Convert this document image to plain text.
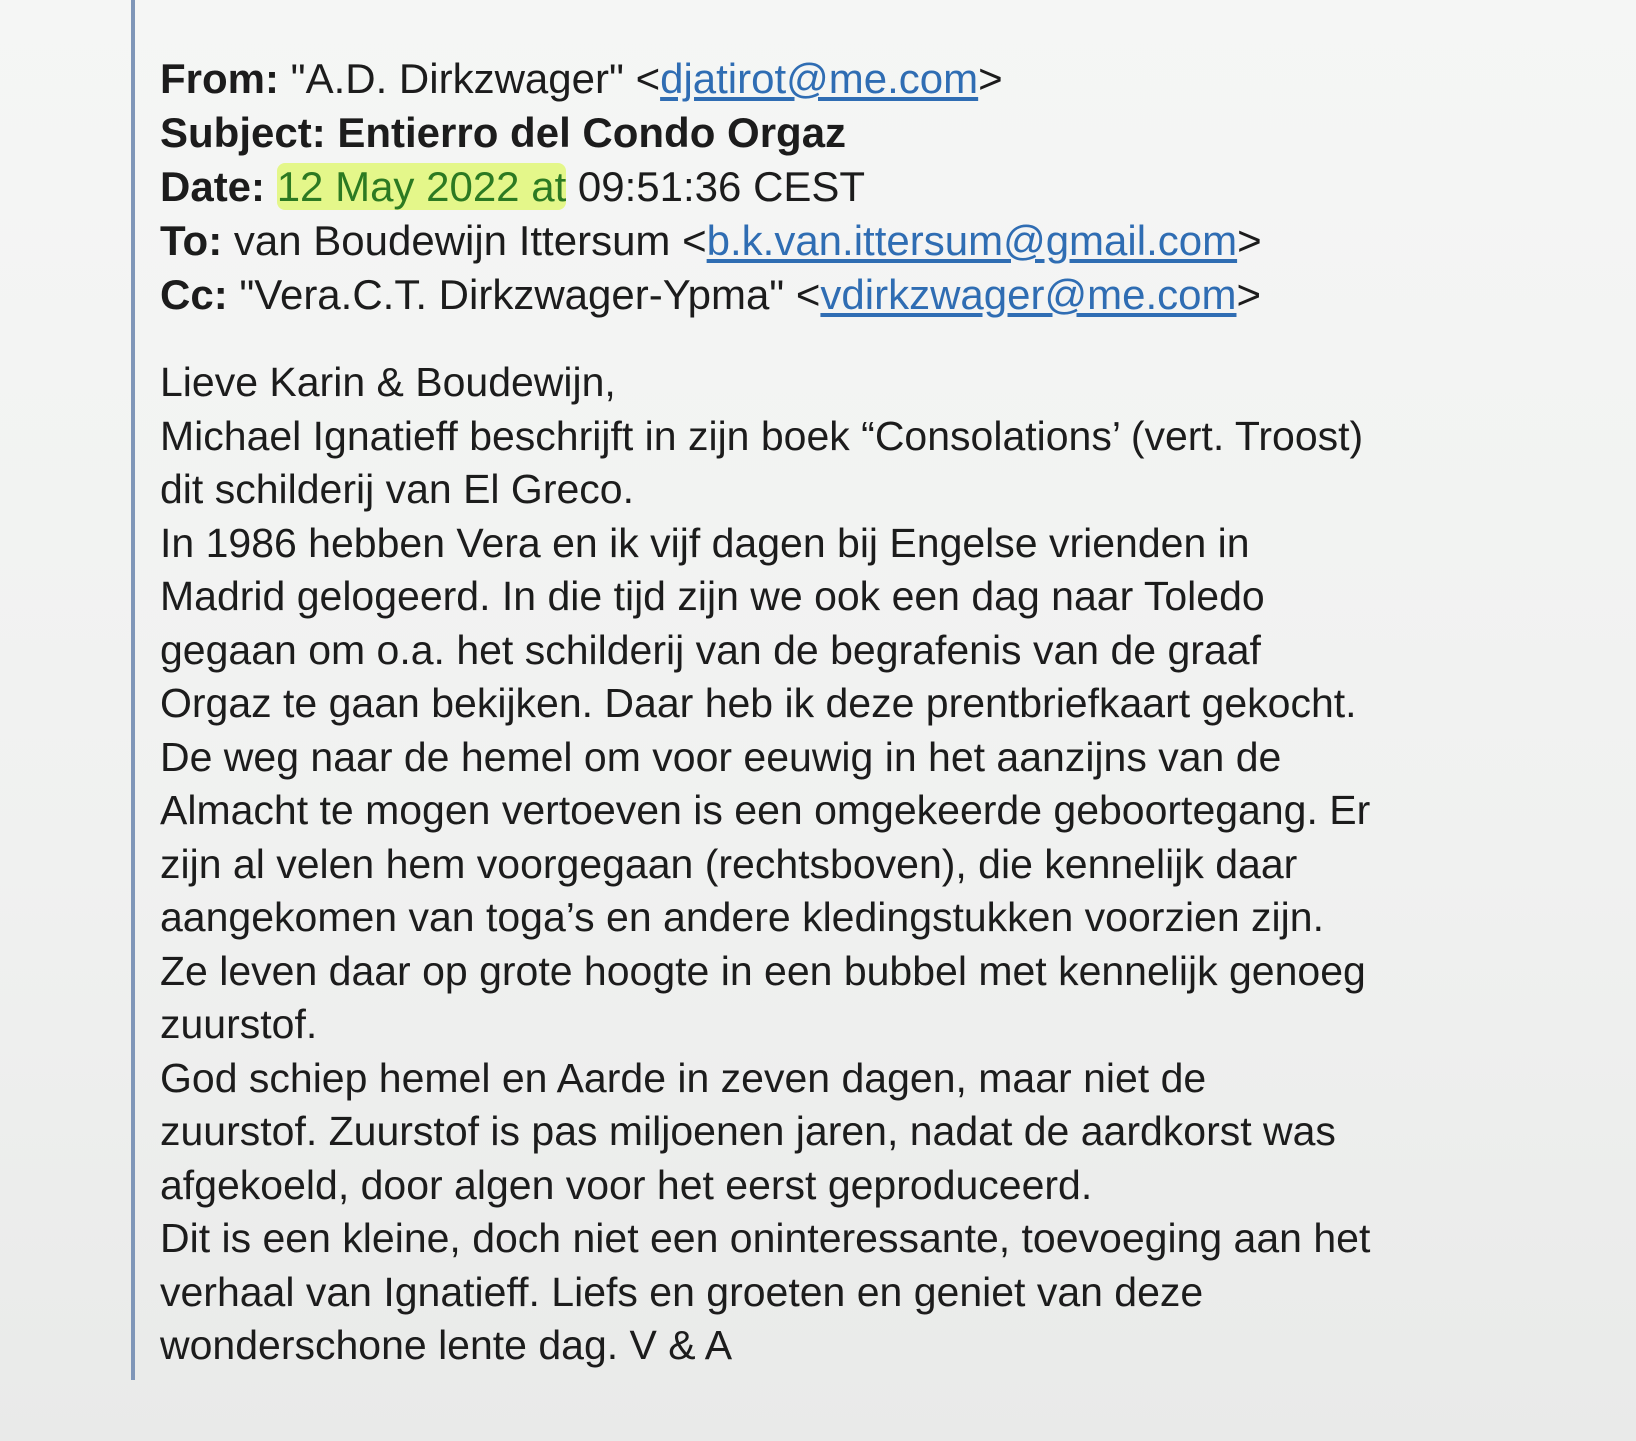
From: "A.D. Dirkzwager" <djatirot@me.com>
Subject: Entierro del Condo Orgaz
Date: 12 May 2022 at 09:51:36 CEST
To: van Boudewijn Ittersum <b.k.van.ittersum@gmail.com>
Cc: "Vera.C.T. Dirkzwager-Ypma" <vdirkzwager@me.com>
Lieve Karin & Boudewijn,
Michael Ignatieff beschrijft in zijn boek “Consolations’ (vert. Troost)
dit schilderij van El Greco.
In 1986 hebben Vera en ik vijf dagen bij Engelse vrienden in
Madrid gelogeerd. In die tijd zijn we ook een dag naar Toledo
gegaan om o.a. het schilderij van de begrafenis van de graaf
Orgaz te gaan bekijken. Daar heb ik deze prentbriefkaart gekocht.
De weg naar de hemel om voor eeuwig in het aanzijns van de
Almacht te mogen vertoeven is een omgekeerde geboortegang. Er
zijn al velen hem voorgegaan (rechtsboven), die kennelijk daar
aangekomen van toga’s en andere kledingstukken voorzien zijn.
Ze leven daar op grote hoogte in een bubbel met kennelijk genoeg
zuurstof.
God schiep hemel en Aarde in zeven dagen, maar niet de
zuurstof. Zuurstof is pas miljoenen jaren, nadat de aardkorst was
afgekoeld, door algen voor het eerst geproduceerd.
Dit is een kleine, doch niet een oninteressante, toevoeging aan het
verhaal van Ignatieff. Liefs en groeten en geniet van deze
wonderschone lente dag. V & A
